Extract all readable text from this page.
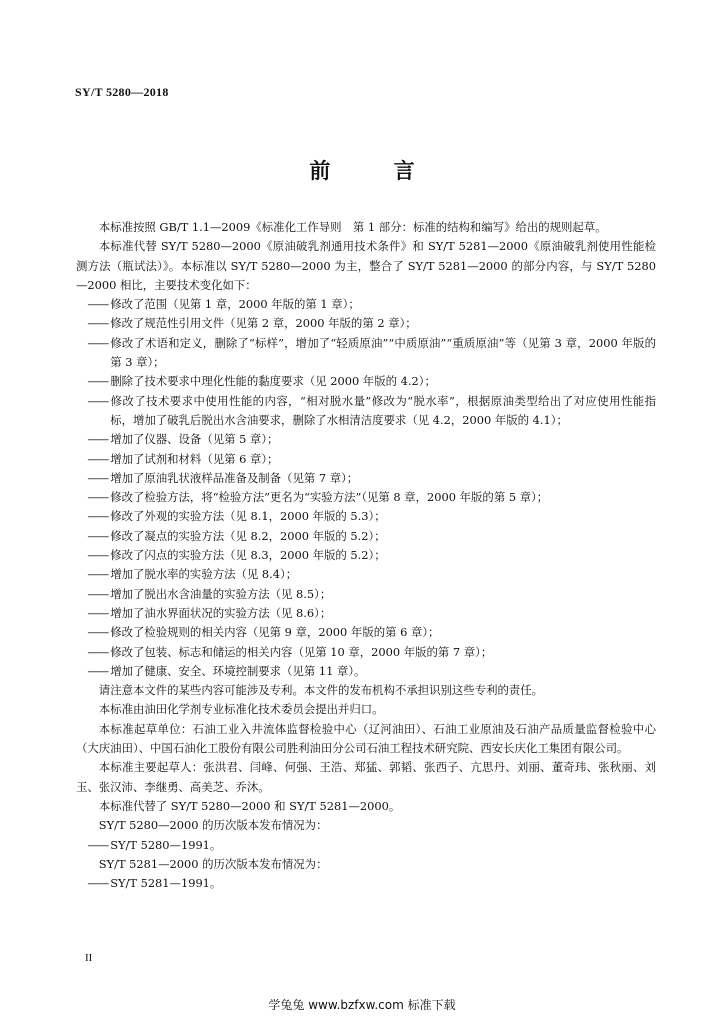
SY/T 5280—2018
前 言

本标准按照 GB/T 1.1—2009《标准化工作导则　第 1 部分：标准的结构和编写》给出的规则起草。

本标准代替 SY/T 5280—2000《原油破乳剂通用技术条件》和 SY/T 5281—2000《原油破乳剂使用性能检测方法（瓶试法）》。本标准以 SY/T 5280—2000 为主，整合了 SY/T 5281—2000 的部分内容，与 SY/T 5280—2000 相比，主要技术变化如下：

—— 修改了范围（见第 1 章，2000 年版的第 1 章）；

—— 修改了规范性引用文件（见第 2 章，2000 年版的第 2 章）；

—— 修改了术语和定义，删除了“标样”，增加了“轻质原油”“中质原油”“重质原油”等（见第 3 章，2000 年版的第 3 章）；

—— 删除了技术要求中理化性能的黏度要求（见 2000 年版的 4.2）；

—— 修改了技术要求中使用性能的内容，“相对脱水量”修改为“脱水率”，根据原油类型给出了对应使用性能指标，增加了破乳后脱出水含油要求，删除了水相清洁度要求（见 4.2，2000 年版的 4.1）；

—— 增加了仪器、设备（见第 5 章）；

—— 增加了试剂和材料（见第 6 章）；

—— 增加了原油乳状液样品准备及制备（见第 7 章）；

—— 修改了检验方法，将“检验方法”更名为“实验方法”（见第 8 章，2000 年版的第 5 章）；

—— 修改了外观的实验方法（见 8.1，2000 年版的 5.3）；

—— 修改了凝点的实验方法（见 8.2，2000 年版的 5.2）；

—— 修改了闪点的实验方法（见 8.3，2000 年版的 5.2）；

—— 增加了脱水率的实验方法（见 8.4）；

—— 增加了脱出水含油量的实验方法（见 8.5）；

—— 增加了油水界面状况的实验方法（见 8.6）；

—— 修改了检验规则的相关内容（见第 9 章，2000 年版的第 6 章）；

—— 修改了包装、标志和储运的相关内容（见第 10 章，2000 年版的第 7 章）；

—— 增加了健康、安全、环境控制要求（见第 11 章）。

请注意本文件的某些内容可能涉及专利。本文件的发布机构不承担识别这些专利的责任。

本标准由油田化学剂专业标准化技术委员会提出并归口。

本标准起草单位：石油工业入井流体监督检验中心（辽河油田）、石油工业原油及石油产品质量监督检验中心（大庆油田）、中国石油化工股份有限公司胜利油田分公司石油工程技术研究院、西安长庆化工集团有限公司。

本标准主要起草人：张洪君、闫峰、何强、王浩、郑猛、郭韬、张西子、亢思丹、刘丽、董奇玮、张秋丽、刘玉、张汉沛、李继勇、高美芝、乔沐。

本标准代替了 SY/T 5280—2000 和 SY/T 5281—2000。

SY/T 5280—2000 的历次版本发布情况为：

—— SY/T 5280—1991。

SY/T 5281—2000 的历次版本发布情况为：

—— SY/T 5281—1991。

II
学兔兔 www.bzfxw.com 标准下载
